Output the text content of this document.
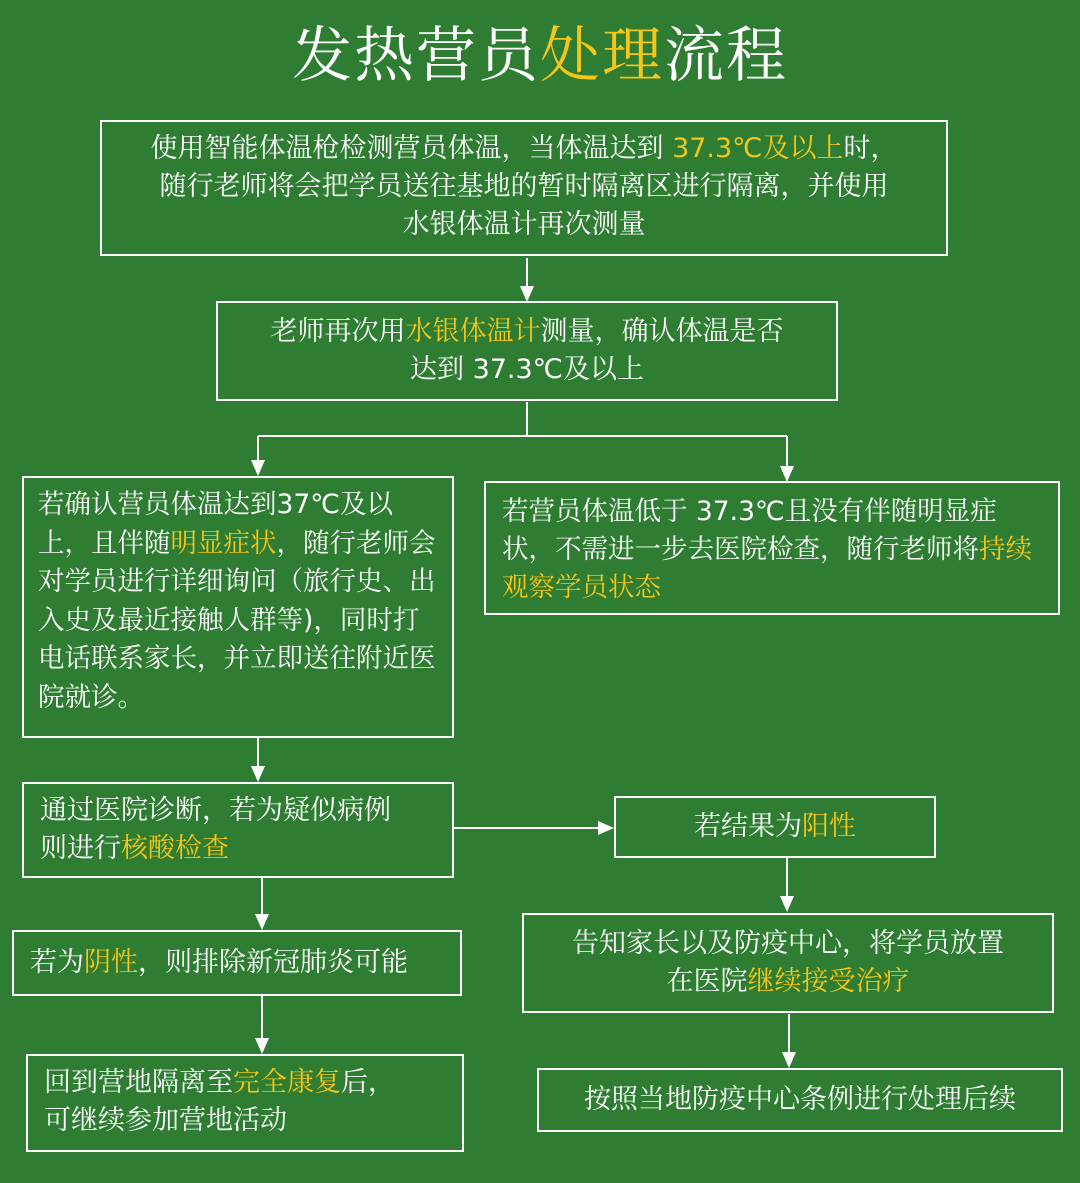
发热营员处理流程
使用智能体温枪检测营员体温，当体温达到 37.3℃及以上时，
随行老师将会把学员送往基地的暂时隔离区进行隔离，并使用
水银体温计再次测量
老师再次用水银体温计测量，确认体温是否
达到 37.3℃及以上
若确认营员体温达到37℃及以上，且伴随明显症状，随行老师会对学员进行详细询问（旅行史、出入史及最近接触人群等)，同时打电话联系家长，并立即送往附近医院就诊。
若营员体温低于 37.3℃且没有伴随明显症状，不需进一步去医院检查，随行老师将持续观察学员状态
通过医院诊断，若为疑似病例
则进行核酸检查
若结果为阳性
若为阴性，则排除新冠肺炎可能
告知家长以及防疫中心，将学员放置
在医院继续接受治疗
回到营地隔离至完全康复后，
可继续参加营地活动
按照当地防疫中心条例进行处理后续
